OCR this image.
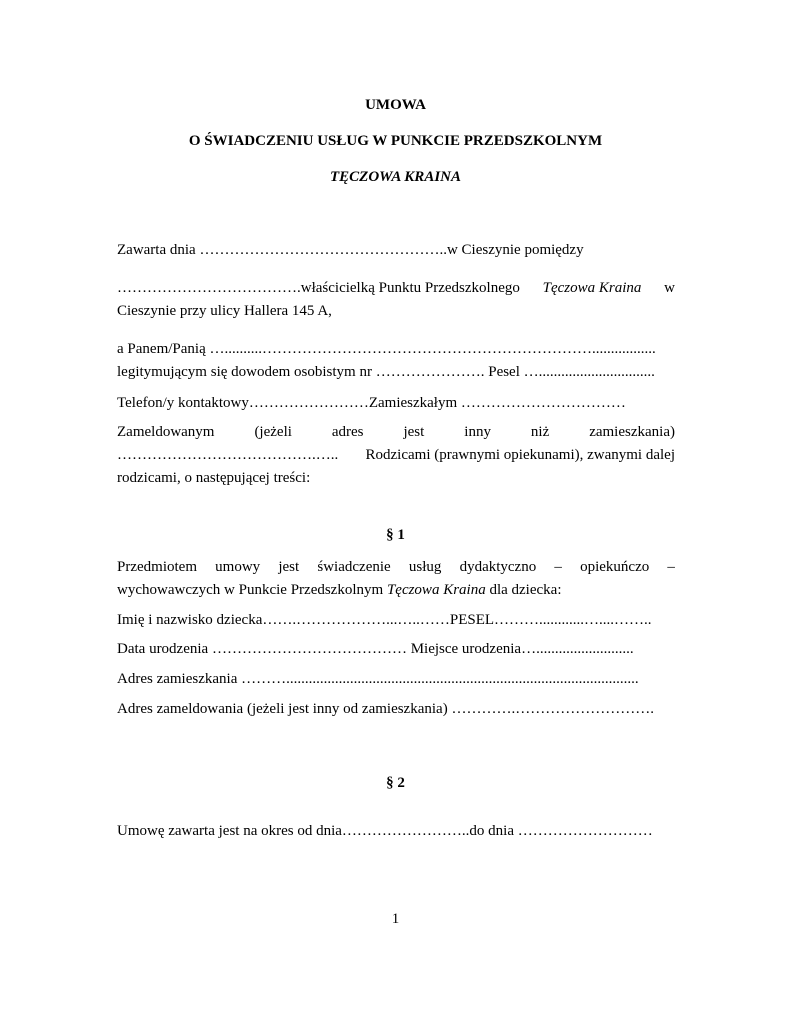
UMOWA
O ŚWIADCZENIU USŁUG W PUNKCIE PRZEDSZKOLNYM
TĘCZOWA KRAINA
Zawarta dnia …………………………………………..w Cieszynie pomiędzy
……………………………….właścicielką Punktu Przedszkolnego Tęczowa Kraina w
Cieszynie przy ulicy Hallera 145 A,
a Panem/Panią …..........………………………………………………………….................
legitymującym się dowodem osobistym nr …………………. Pesel …...............................
Telefon/y kontaktowy……………………Zamieszkałym ……………………………
Zameldowanym	(jeżeli	adres	jest	inny	niż	zamieszkania)
………………………………….….. Rodzicami (prawnymi opiekunami), zwanymi dalej
rodzicami, o następującej treści:
§ 1
Przedmiotem umowy jest świadczenie usług dydaktyczno – opiekuńczo –
wychowawczych w Punkcie Przedszkolnym Tęczowa Kraina dla dziecka:
Imię i nazwisko dziecka…….………………...…..……PESEL………............…....……..
Data urodzenia ………………………………… Miejsce urodzenia…..........................
Adres zamieszkania ………..............................................................................................
Adres zameldowania (jeżeli jest inny od zamieszkania) ………….……………………….
§ 2
Umowę zawarta jest na okres od dnia……………………..do dnia ………………………
1
